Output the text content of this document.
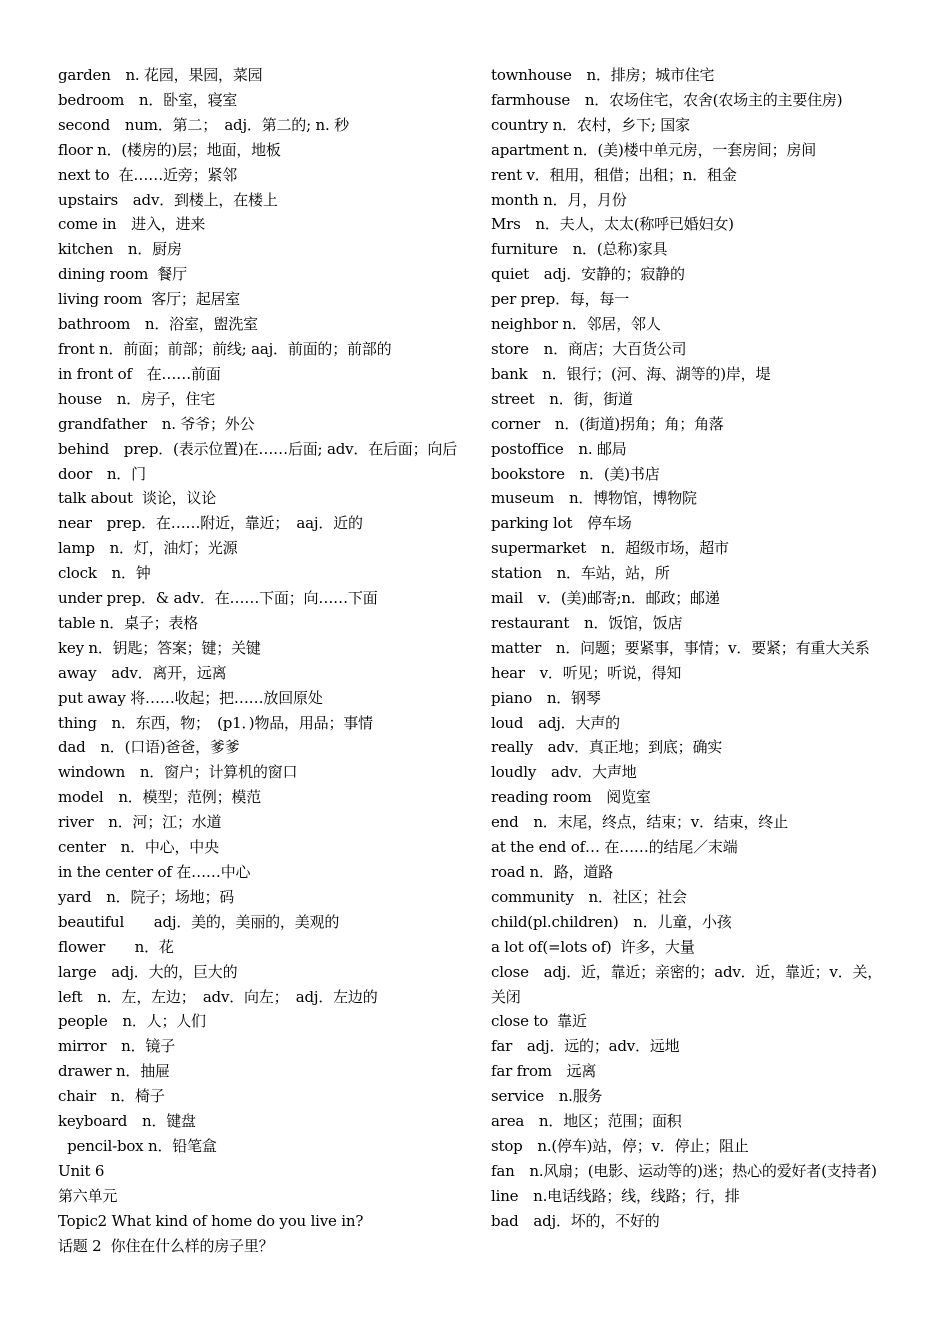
garden　n. 花园，果园，菜园
bedroom　n．卧室，寝室
second　num．第二；　adj．第二的; n. 秒
floor n．(楼房的)层；地面，地板
next to  在……近旁；紧邻
upstairs　adv．到楼上，在楼上
come in　进入，进来
kitchen　n．厨房
dining room  餐厅
living room  客厅；起居室
bathroom　n．浴室，盥洗室
front n．前面；前部；前线; aaj．前面的；前部的
in front of　在……前面
house　n．房子，住宅
grandfather　n. 爷爷；外公
behind　prep．(表示位置)在……后面; adv．在后面；向后
door　n．门
talk about  谈论，议论
near　prep．在……附近，靠近；　aaj．近的
lamp　n．灯，油灯；光源
clock　n．钟
under prep．& adv．在……下面；向……下面
table n．桌子；表格
key n．钥匙；答案；键；关键
away　adv．离开，远离
put away 将……收起；把……放回原处
thing　n．东西，物；　(p1．)物品，用品；事情
dad　n．(口语)爸爸，爹爹
windown　n．窗户；计算机的窗口
model　n．模型；范例；模范
river　n．河；江；水道
center　n．中心，中央
in the center of 在……中心
yard　n．院子；场地；码
beautiful　　adj．美的，美丽的，美观的
flower　　n．花
large　adj．大的，巨大的
left　n．左，左边；　adv．向左；　adj．左边的
people　n．人；人们
mirror　n．镜子
drawer n．抽屉
chair　n．椅子
keyboard　n．键盘
pencil-box n．铅笔盒
Unit 6
第六单元
Topic2 What kind of home do you live in?
话题 2  你住在什么样的房子里？
townhouse　n．排房；城市住宅
farmhouse　n．农场住宅，农舍(农场主的主要住房)
country n．农村，乡下; 国家
apartment n．(美)楼中单元房，一套房间；房间
rent v．租用，租借；出租；n．租金
month n．月，月份
Mrs　n．夫人，太太(称呼已婚妇女)
furniture　n．(总称)家具
quiet　adj．安静的；寂静的
per prep．每，每一
neighbor n．邻居，邻人
store　n．商店；大百货公司
bank　n．银行；(河、海、湖等的)岸，堤
street　n．街，街道
corner　n．(街道)拐角；角；角落
postoffice　n. 邮局
bookstore　n．(美)书店
museum　n．博物馆，博物院
parking lot　停车场
supermarket　n．超级市场，超市
station　n．车站，站，所
mail　v．(美)邮寄;n．邮政；邮递
restaurant　n．饭馆，饭店
matter　n．问题；要紧事，事情；v．要紧；有重大关系
hear　v．听见；听说，得知
piano　n．钢琴
loud　adj．大声的
really　adv．真正地；到底；确实
loudly　adv．大声地
reading room　阅览室
end　n．末尾，终点，结束；v．结束，终止
at the end of… 在……的结尾／末端
road n．路，道路
community　n．社区；社会
child(pl.children)　n．儿童，小孩
a lot of(=lots of)  许多，大量
close　adj．近，靠近；亲密的；adv．近，靠近；v．关，关闭
close to  靠近
far　adj．远的；adv．远地
far from　远离
service　n.服务
area　n．地区；范围；面积
stop　n.(停车)站，停；v．停止；阻止
fan　n.风扇；(电影、运动等的)迷；热心的爱好者(支持者)
line　n.电话线路；线，线路；行，排
bad　adj．坏的，不好的
